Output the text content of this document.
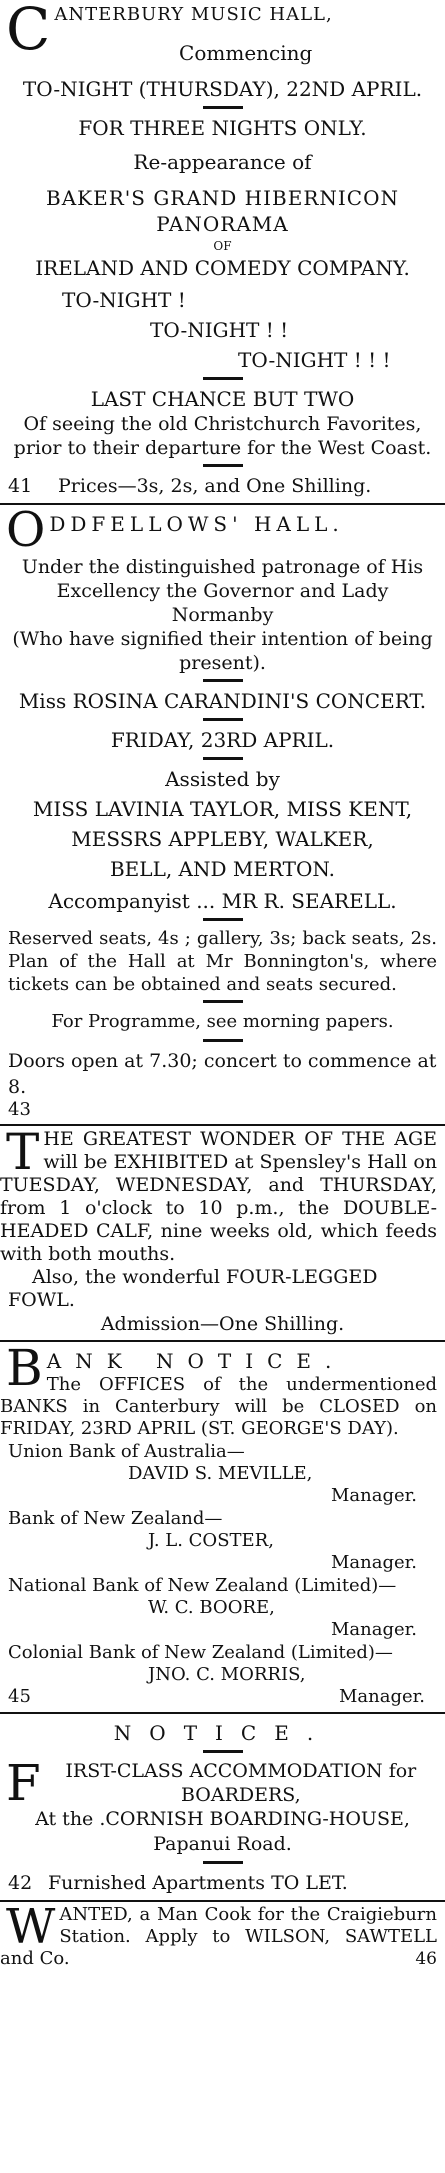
C ANTERBURY MUSIC HALL,

Commencing

TO-NIGHT (THURSDAY), 22ND APRIL.

FOR THREE NIGHTS ONLY.

Re-appearance of

BAKER'S GRAND HIBERNICON

PANORAMA

OF

IRELAND AND COMEDY COMPANY.

TO-NIGHT !

TO-NIGHT ! !

TO-NIGHT ! ! !

LAST CHANCE BUT TWO

Of seeing the old Christchurch Favorites,

prior to their departure for the West Coast.

41	Prices—3s, 2s, and One Shilling.
O DDFELLOWS' HALL.

Under the distinguished patronage of His Excellency the Governor and Lady Normanby

(Who have signified their intention of being present).

Miss ROSINA CARANDINI'S CONCERT.

FRIDAY, 23RD APRIL.

Assisted by

MISS LAVINIA TAYLOR, MISS KENT,

MESSRS APPLEBY, WALKER,

BELL, AND MERTON.

Accompanyist ... MR R. SEARELL.

Reserved seats, 4s ; gallery, 3s; back seats, 2s. Plan of the Hall at Mr Bonnington's, where tickets can be obtained and seats secured.

For Programme, see morning papers.

Doors open at 7.30; concert to commence at 8.

43

T HE GREATEST WONDER OF THE AGE will be EXHIBITED at Spensley's Hall on TUESDAY, WEDNESDAY, and THURSDAY, from 1 o'clock to 10 p.m., the DOUBLE-HEADED CALF, nine weeks old, which feeds with both mouths.

Also, the wonderful FOUR-LEGGED FOWL.

Admission—One Shilling.

B ANK NOTICE.

The OFFICES of the undermentioned BANKS in Canterbury will be CLOSED on FRIDAY, 23RD APRIL (ST. GEORGE'S DAY).

Union Bank of Australia—

DAVID S. MEVILLE,

Manager.

Bank of New Zealand—

J. L. COSTER,

Manager.

National Bank of New Zealand (Limited)—

W. C. BOORE,

Manager.

Colonial Bank of New Zealand (Limited)—

JNO. C. MORRIS,

45	Manager.

NOTICE.

F	IRST-CLASS ACCOMMODATION for BOARDERS,

At the .CORNISH BOARDING-HOUSE,

Papanui Road.

42 Furnished Apartments TO LET.
W ANTED, a Man Cook for the Craigieburn Station. Apply to WILSON, SAWTELL and Co.	46
